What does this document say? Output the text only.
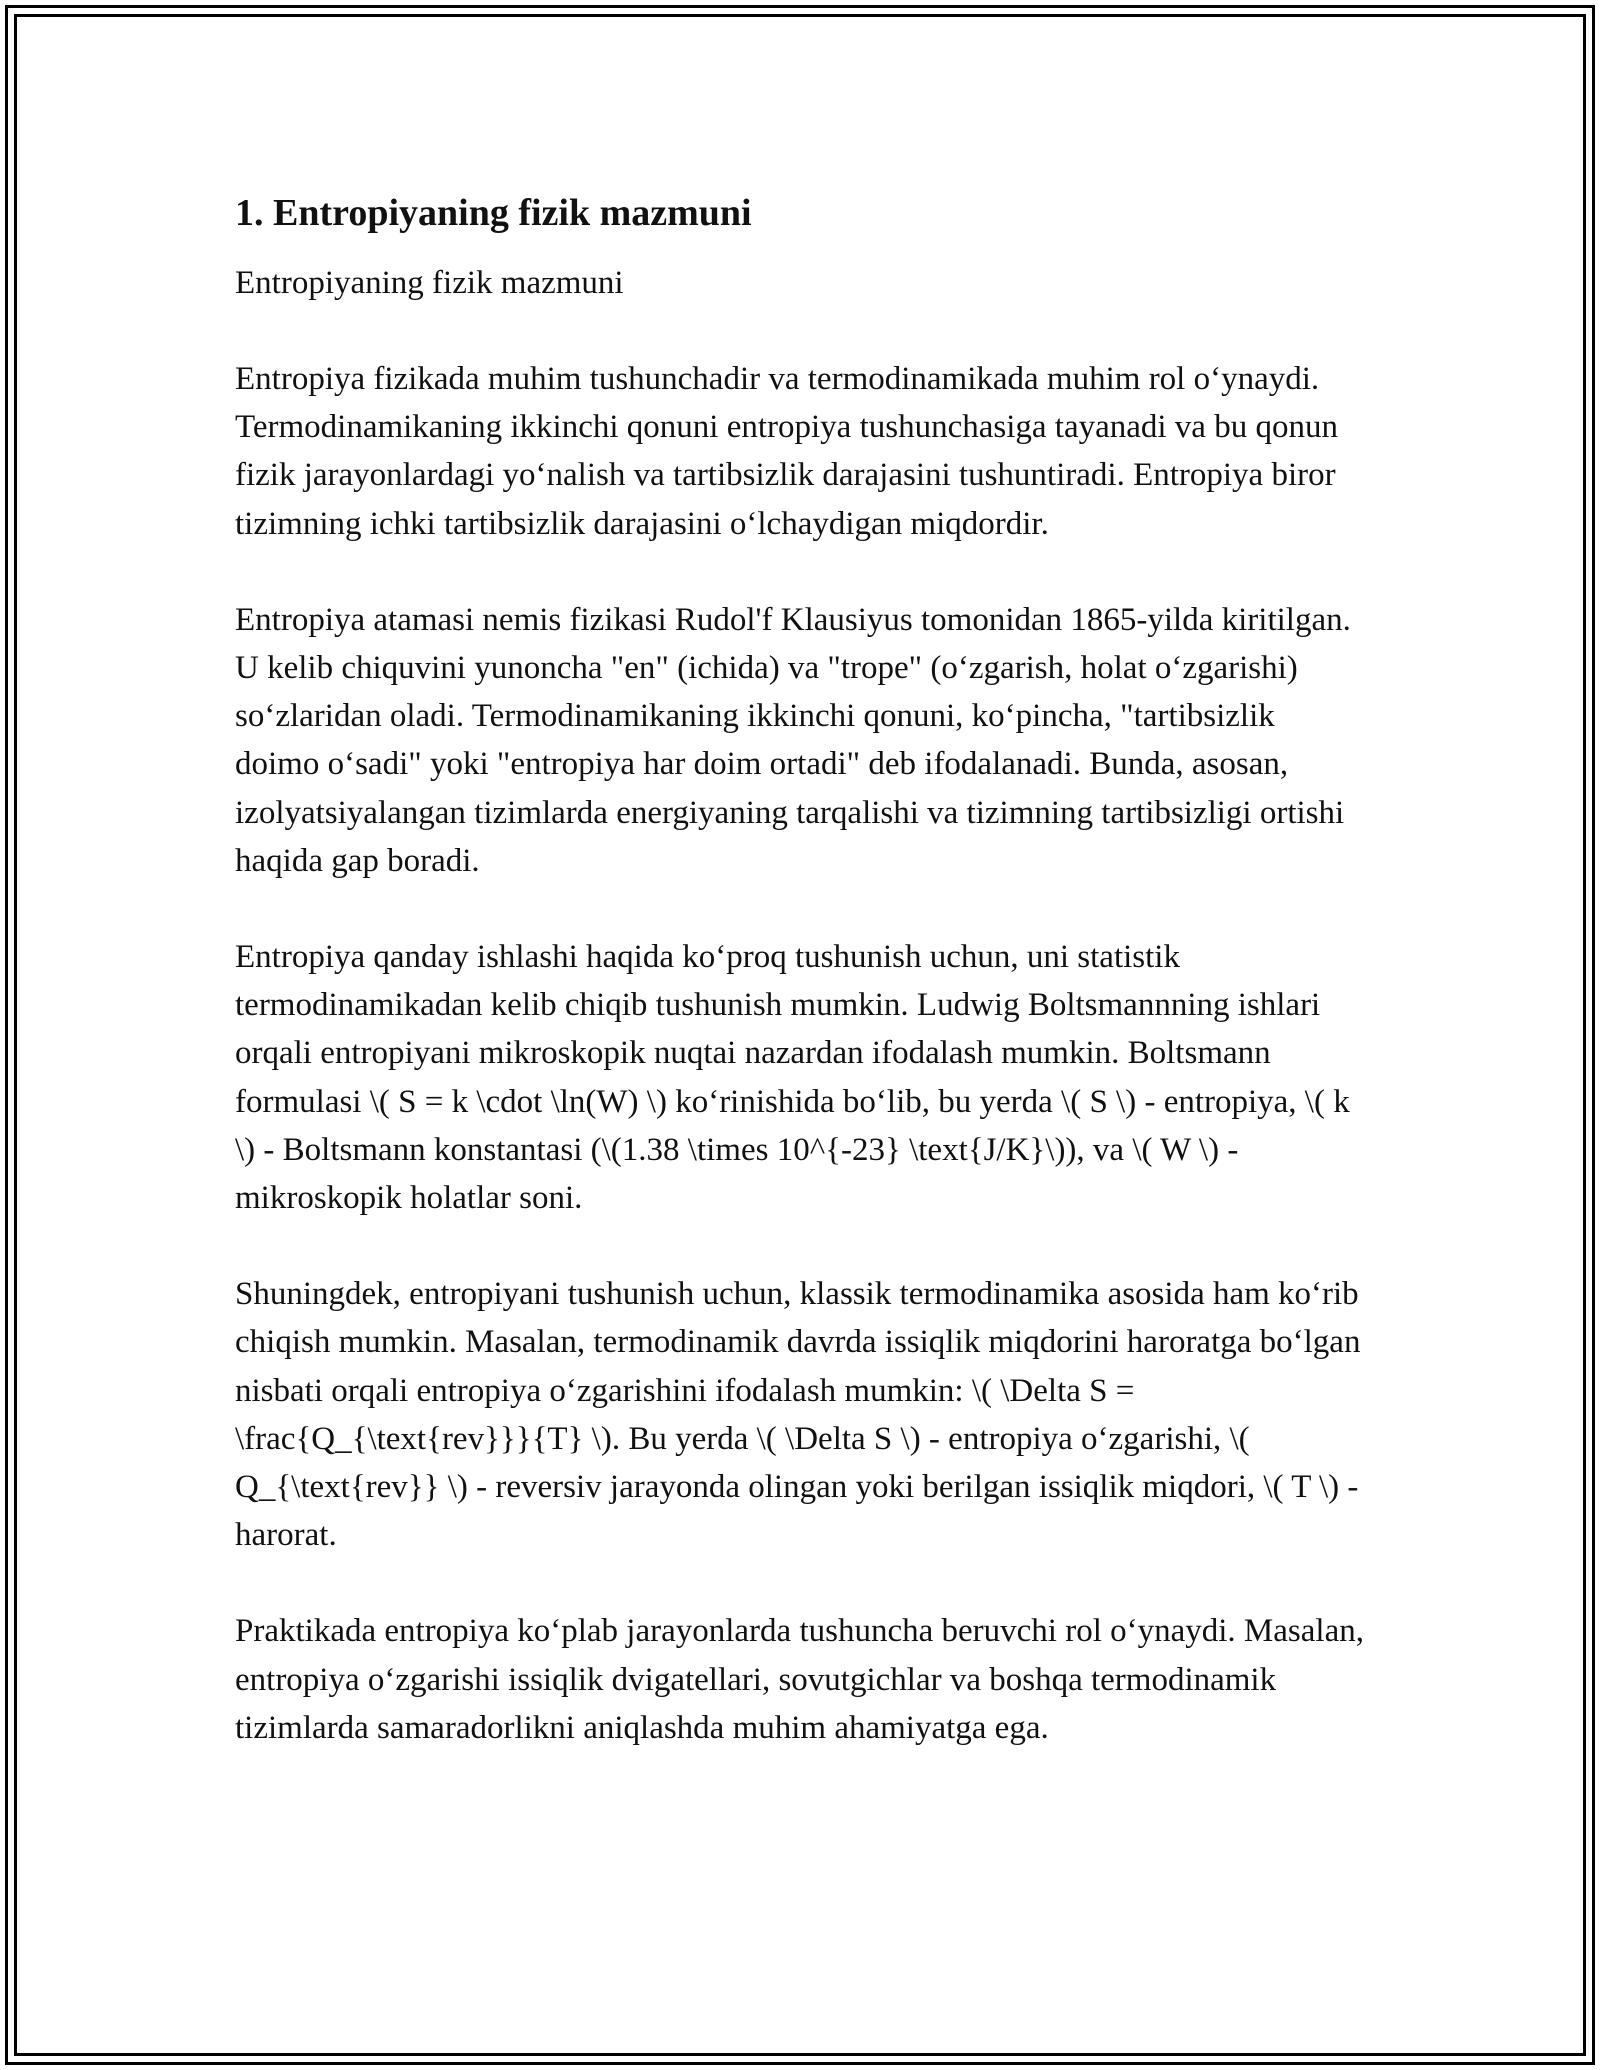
1. Entropiyaning fizik mazmuni

Entropiyaning fizik mazmuni

Entropiya fizikada muhim tushunchadir va termodinamikada muhim rol o‘ynaydi. Termodinamikaning ikkinchi qonuni entropiya tushunchasiga tayanadi va bu qonun fizik jarayonlardagi yo‘nalish va tartibsizlik darajasini tushuntiradi. Entropiya biror tizimning ichki tartibsizlik darajasini o‘lchaydigan miqdordir.

Entropiya atamasi nemis fizikasi Rudol'f Klausiyus tomonidan 1865-yilda kiritilgan. U kelib chiquvini yunoncha "en" (ichida) va "trope" (o‘zgarish, holat o‘zgarishi) so‘zlaridan oladi. Termodinamikaning ikkinchi qonuni, ko‘pincha, "tartibsizlik doimo o‘sadi" yoki "entropiya har doim ortadi" deb ifodalanadi. Bunda, asosan, izolyatsiyalangan tizimlarda energiyaning tarqalishi va tizimning tartibsizligi ortishi haqida gap boradi.

Entropiya qanday ishlashi haqida ko‘proq tushunish uchun, uni statistik termodinamikadan kelib chiqib tushunish mumkin. Ludwig Boltsmannning ishlari orqali entropiyani mikroskopik nuqtai nazardan ifodalash mumkin. Boltsmann formulasi \( S = k \cdot \ln(W) \) ko‘rinishida bo‘lib, bu yerda \( S \) - entropiya, \( k \) - Boltsmann konstantasi (\(1.38 \times 10^{-23} \text{J/K}\)), va \( W \) - mikroskopik holatlar soni.

Shuningdek, entropiyani tushunish uchun, klassik termodinamika asosida ham ko‘rib chiqish mumkin. Masalan, termodinamik davrda issiqlik miqdorini haroratga bo‘lgan nisbati orqali entropiya o‘zgarishini ifodalash mumkin: \( \Delta S = \frac{Q_{\text{rev}}}{T} \). Bu yerda \( \Delta S \) - entropiya o‘zgarishi, \( Q_{\text{rev}} \) - reversiv jarayonda olingan yoki berilgan issiqlik miqdori, \( T \) - harorat.

Praktikada entropiya ko‘plab jarayonlarda tushuncha beruvchi rol o‘ynaydi. Masalan, entropiya o‘zgarishi issiqlik dvigatellari, sovutgichlar va boshqa termodinamik tizimlarda samaradorlikni aniqlashda muhim ahamiyatga ega.
